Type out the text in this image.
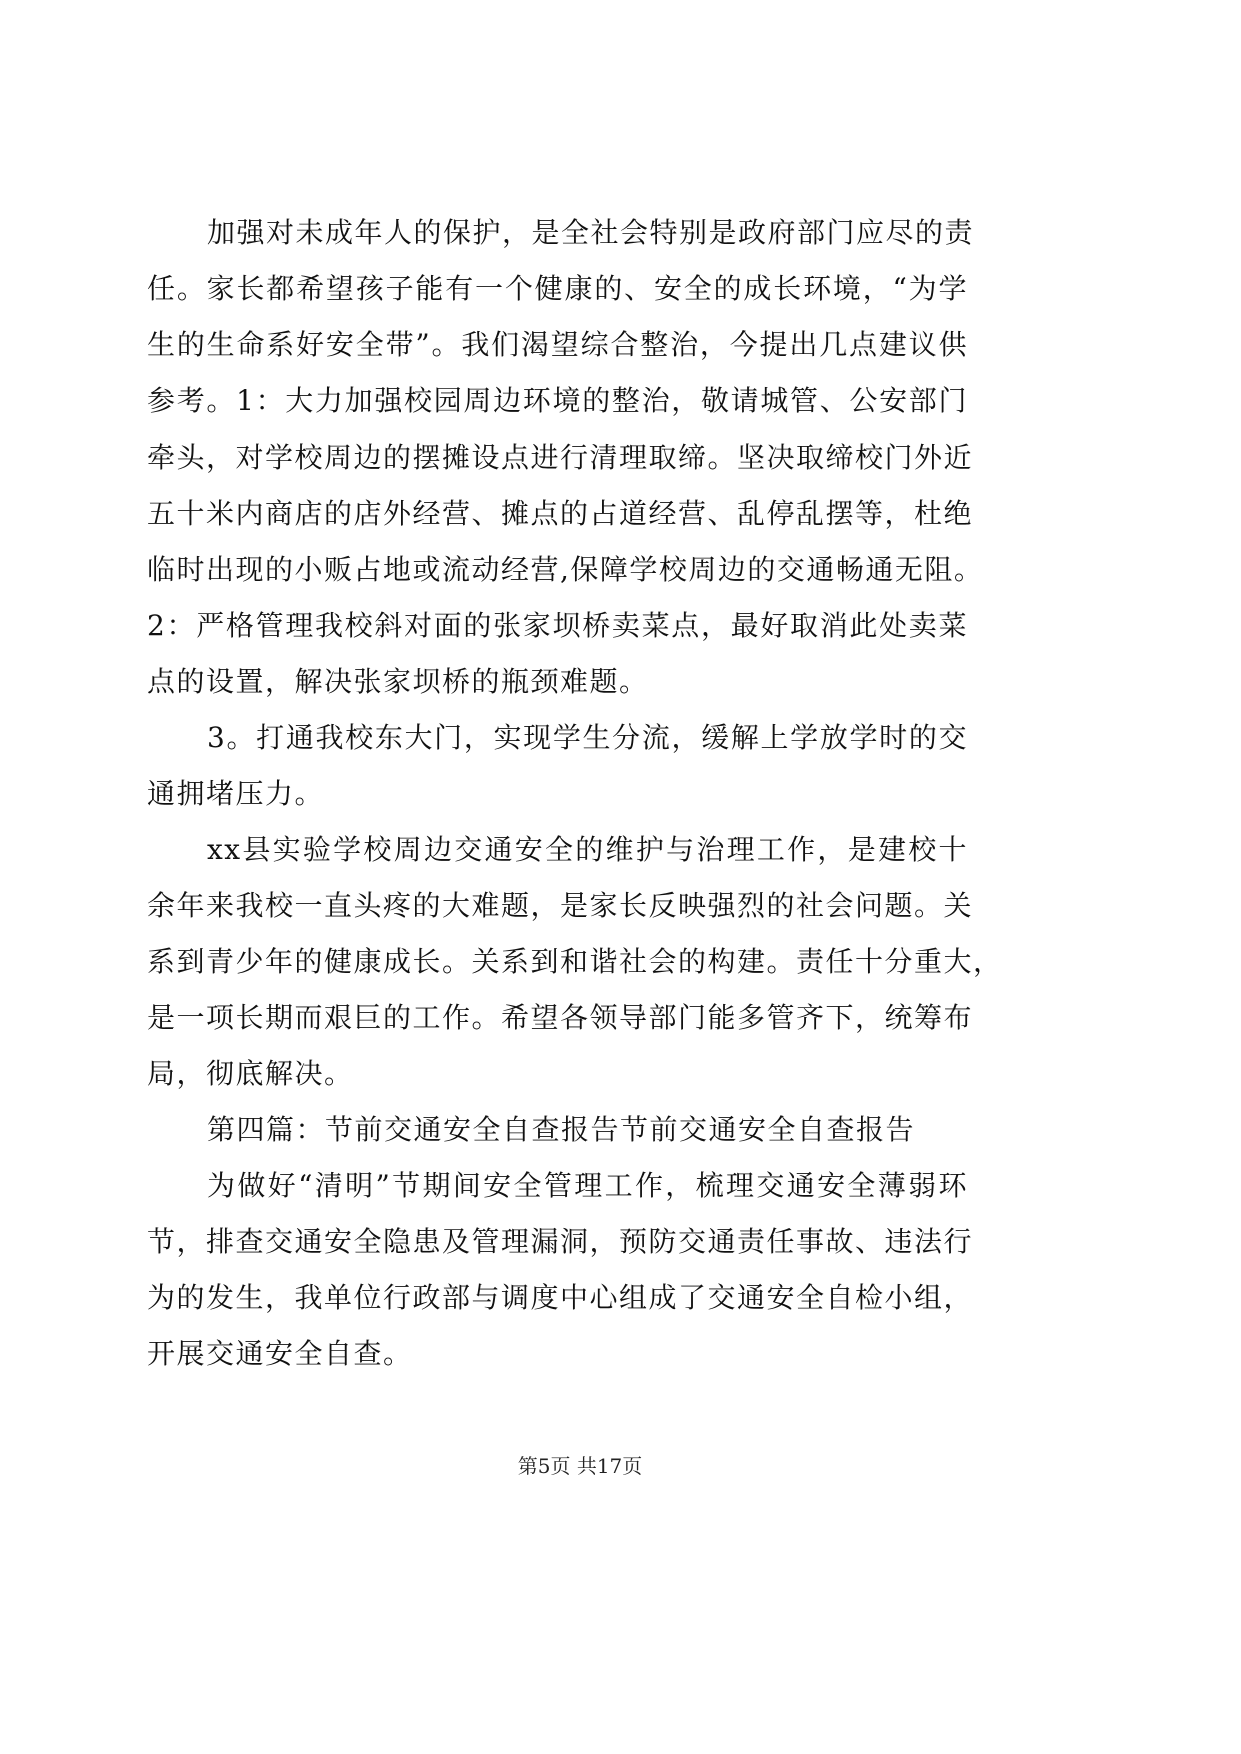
加强对未成年人的保护，是全社会特别是政府部门应尽的责
任。家长都希望孩子能有一个健康的、安全的成长环境，“为学
生的生命系好安全带”。我们渴望综合整治，今提出几点建议供
参考。1：大力加强校园周边环境的整治，敬请城管、公安部门
牵头，对学校周边的摆摊设点进行清理取缔。坚决取缔校门外近
五十米内商店的店外经营、摊点的占道经营、乱停乱摆等，杜绝
临时出现的小贩占地或流动经营,保障学校周边的交通畅通无阻。
2：严格管理我校斜对面的张家坝桥卖菜点，最好取消此处卖菜
点的设置，解决张家坝桥的瓶颈难题。
3。打通我校东大门，实现学生分流，缓解上学放学时的交
通拥堵压力。
xx县实验学校周边交通安全的维护与治理工作，是建校十
余年来我校一直头疼的大难题，是家长反映强烈的社会问题。关
系到青少年的健康成长。关系到和谐社会的构建。责任十分重大，
是一项长期而艰巨的工作。希望各领导部门能多管齐下，统筹布
局，彻底解决。
第四篇：节前交通安全自查报告节前交通安全自查报告
为做好“清明”节期间安全管理工作，梳理交通安全薄弱环
节，排查交通安全隐患及管理漏洞，预防交通责任事故、违法行
为的发生，我单位行政部与调度中心组成了交通安全自检小组，
开展交通安全自查。
第5页 共17页
